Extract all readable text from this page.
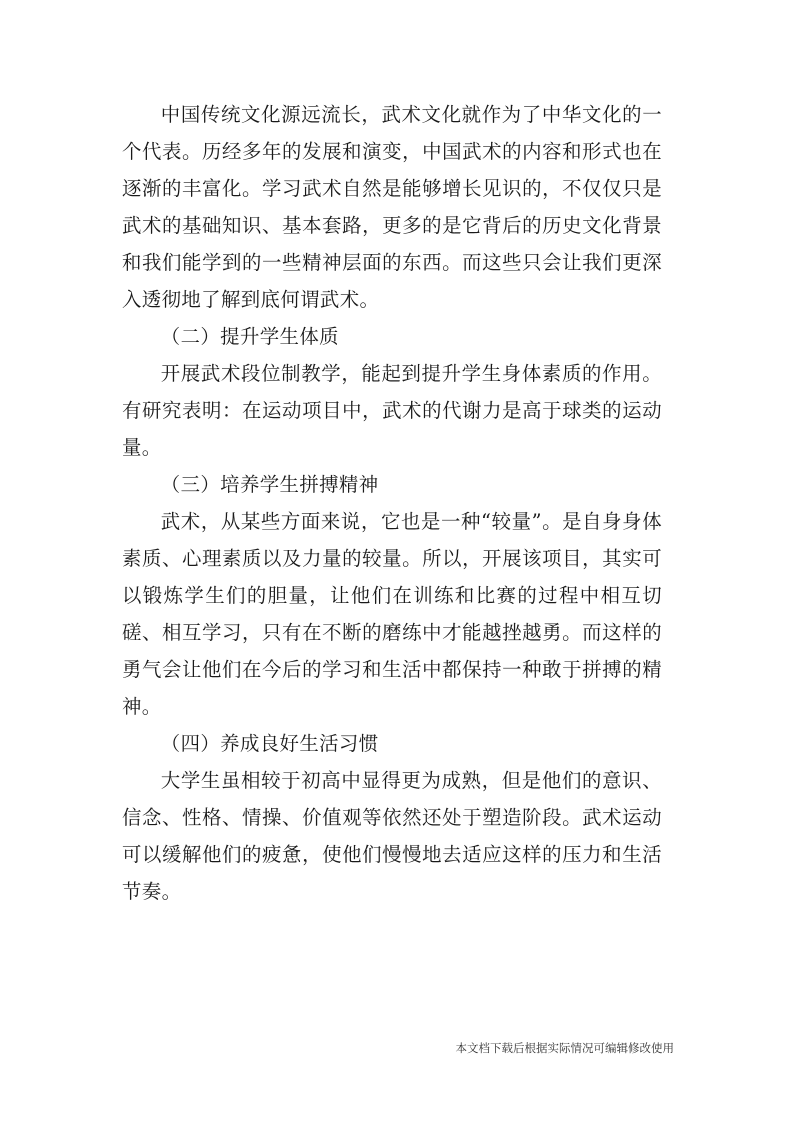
中国传统文化源远流长，武术文化就作为了中华文化的一个代表。历经多年的发展和演变，中国武术的内容和形式也在逐渐的丰富化。学习武术自然是能够增长见识的，不仅仅只是武术的基础知识、基本套路，更多的是它背后的历史文化背景和我们能学到的一些精神层面的东西。而这些只会让我们更深入透彻地了解到底何谓武术。

（二）提升学生体质

开展武术段位制教学，能起到提升学生身体素质的作用。有研究表明：在运动项目中，武术的代谢力是高于球类的运动量。

（三）培养学生拼搏精神

武术，从某些方面来说，它也是一种“较量”。是自身身体素质、心理素质以及力量的较量。所以，开展该项目，其实可以锻炼学生们的胆量，让他们在训练和比赛的过程中相互切磋、相互学习，只有在不断的磨练中才能越挫越勇。而这样的勇气会让他们在今后的学习和生活中都保持一种敢于拼搏的精神。

（四）养成良好生活习惯

大学生虽相较于初高中显得更为成熟，但是他们的意识、信念、性格、情操、价值观等依然还处于塑造阶段。武术运动可以缓解他们的疲惫，使他们慢慢地去适应这样的压力和生活节奏。

本文档下载后根据实际情况可编辑修改使用
